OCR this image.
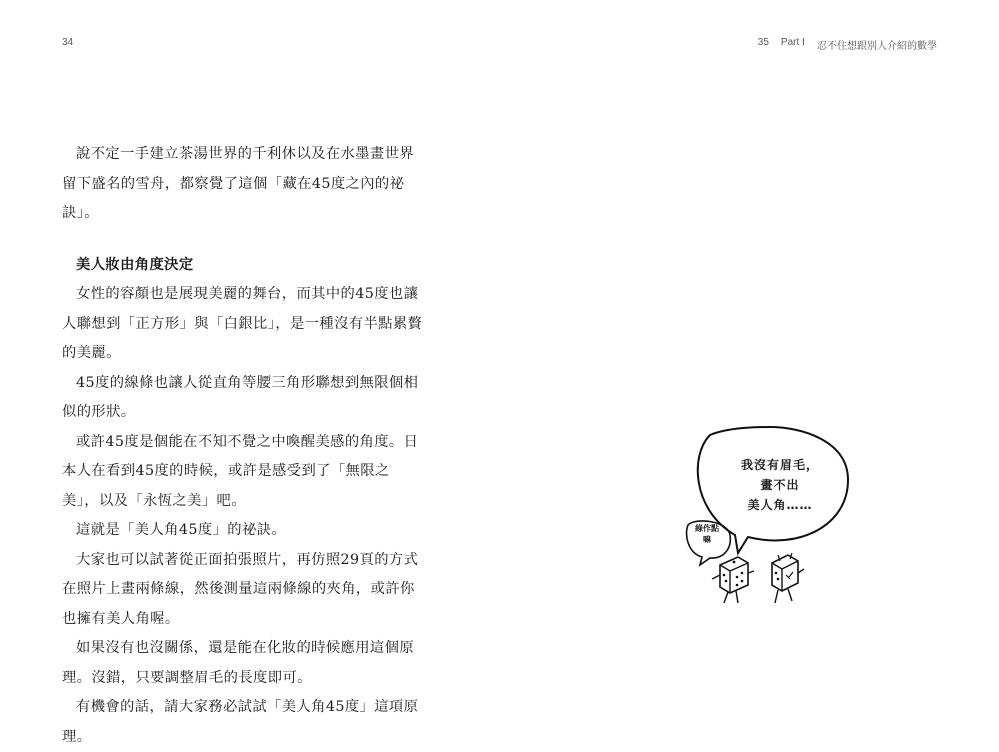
34	35 Part Ⅰ 忍不住想跟別人介紹的數學

說不定一手建立茶湯世界的千利休以及在水墨畫世界留下盛名的雪舟，都察覺了這個「藏在45度之內的祕訣」。

美人妝由角度決定

女性的容顏也是展現美麗的舞台，而其中的45度也讓人聯想到「正方形」與「白銀比」，是一種沒有半點累贅的美麗。

45度的線條也讓人從直角等腰三角形聯想到無限個相似的形狀。

或許45度是個能在不知不覺之中喚醒美感的角度。日本人在看到45度的時候，或許是感受到了「無限之美」，以及「永恆之美」吧。

這就是「美人角45度」的祕訣。

大家也可以試著從正面拍張照片，再仿照29頁的方式在照片上畫兩條線，然後測量這兩條線的夾角，或許你也擁有美人角喔。

如果沒有也沒關係，還是能在化妝的時候應用這個原理。沒錯，只要調整眉毛的長度即可。

有機會的話，請大家務必試試「美人角45度」這項原理。

我沒有眉毛，
畫不出
美人角……
綠作點
嘛
